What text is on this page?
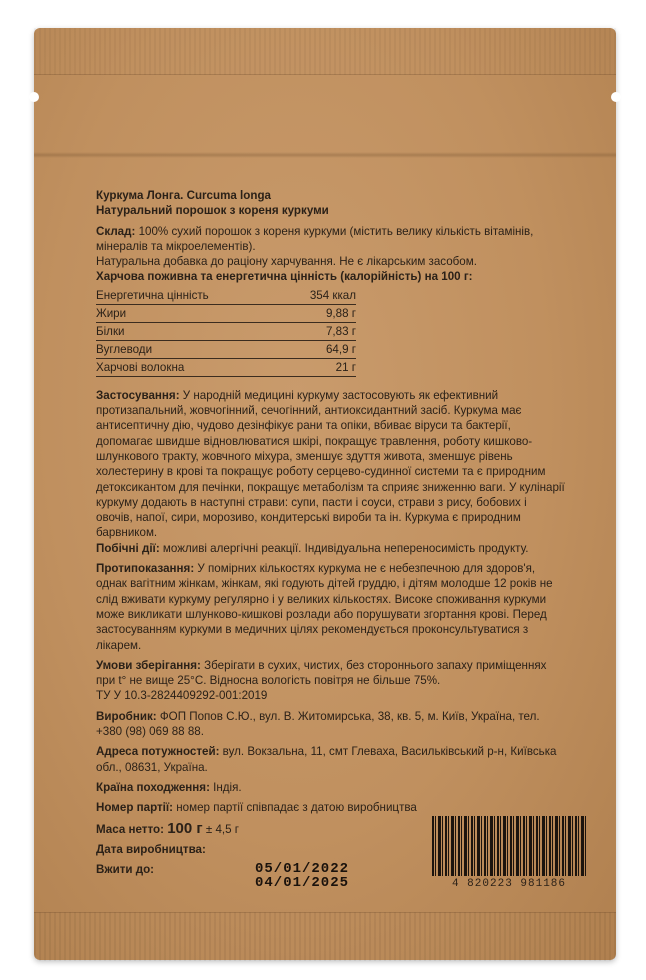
Куркума Лонга. Curcuma longa

Натуральний порошок з кореня куркуми

Склад: 100% сухий порошок з кореня куркуми (містить велику кількість вітамінів, мінералів та мікроелементів).

Натуральна добавка до раціону харчування. Не є лікарським засобом.

Харчова поживна та енергетична цінність (калорійність) на 100 г:

Енергетична цінність	354 ккал
Жири	9,88 г
Білки	7,83 г
Вуглеводи	64,9 г
Харчові волокна	21 г

Застосування: У народній медицині куркуму застосовують як ефективний протизапальний, жовчогінний, сечогінний, антиоксидантний засіб. Куркума має антисептичну дію, чудово дезінфікує рани та опіки, вбиває віруси та бактерії, допомагає швидше відновлюватися шкірі, покращує травлення, роботу кишково-шлункового тракту, жовчного міхура, зменшує здуття живота, зменшує рівень холестерину в крові та покращує роботу серцево-судинної системи та є природним детоксикантом для печінки, покращує метаболізм та сприяє зниженню ваги. У кулінарії куркуму додають в наступні страви: супи, пасти і соуси, страви з рису, бобових і овочів, напої, сири, морозиво, кондитерські вироби та ін. Куркума є природним барвником.

Побічні дії: можливі алергічні реакції. Індивідуальна непереносимість продукту.

Протипоказання: У помірних кількостях куркума не є небезпечною для здоров'я, однак вагітним жінкам, жінкам, які годують дітей груддю, і дітям молодше 12 років не слід вживати куркуму регулярно і у великих кількостях. Високе споживання куркуми може викликати шлунково-кишкові розлади або порушувати згортання крові. Перед застосуванням куркуми в медичних цілях рекомендується проконсультуватися з лікарем.

Умови зберігання: Зберігати в сухих, чистих, без стороннього запаху приміщеннях при t° не вище 25°С. Відносна вологість повітря не більше 75%.

ТУ У 10.3-2824409292-001:2019

Виробник: ФОП Попов С.Ю., вул. В. Житомирська, 38, кв. 5, м. Київ, Україна, тел. +380 (98) 069 88 88.

Адреса потужностей: вул. Вокзальна, 11, смт Глеваха, Васильківський р-н, Київська обл., 08631, Україна.

Країна походження: Індія.

Номер партії: номер партії співпадає з датою виробництва

Маса нетто: 100 г ± 4,5 г

Дата виробництва:

Вжити до:	05/01/2022
04/01/2025	4 820223 981186
